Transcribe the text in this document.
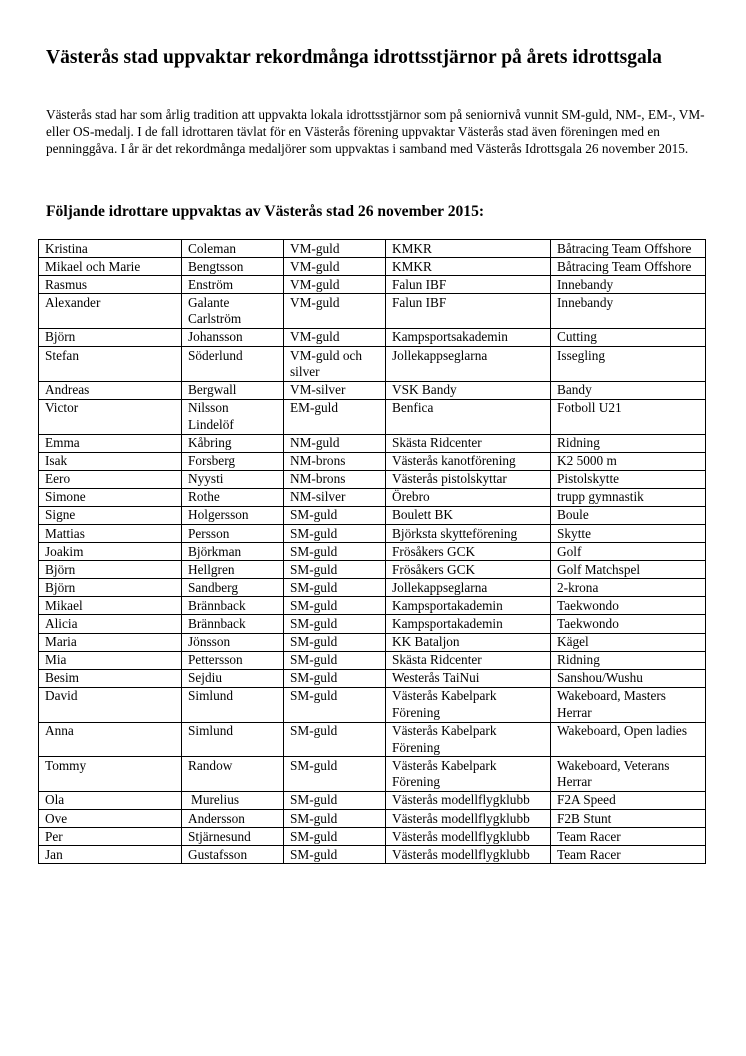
Västerås stad uppvaktar rekordmånga idrottsstjärnor på årets idrottsgala

Västerås stad har som årlig tradition att uppvakta lokala idrottsstjärnor som på seniornivå vunnit SM-guld, NM-, EM-, VM- eller OS-medalj. I de fall idrottaren tävlat för en Västerås förening uppvaktar Västerås stad även föreningen med en penninggåva. I år är det rekordmånga medaljörer som uppvaktas i samband med Västerås Idrottsgala 26 november 2015.

Följande idrottare uppvaktas av Västerås stad 26 november 2015:
Kristina	Coleman	VM-guld	KMKR	Båtracing Team Offshore
Mikael och Marie	Bengtsson	VM-guld	KMKR	Båtracing Team Offshore
Rasmus	Enström	VM-guld	Falun IBF	Innebandy
Alexander	Galante Carlström	VM-guld	Falun IBF	Innebandy
Björn	Johansson	VM-guld	Kampsportsakademin	Cutting
Stefan	Söderlund	VM-guld och silver	Jollekappseglarna	Issegling
Andreas	Bergwall	VM-silver	VSK Bandy	Bandy
Victor	Nilsson Lindelöf	EM-guld	Benfica	Fotboll U21
Emma	Kåbring	NM-guld	Skästa Ridcenter	Ridning
Isak	Forsberg	NM-brons	Västerås kanotförening	K2 5000 m
Eero	Nyysti	NM-brons	Västerås pistolskyttar	Pistolskytte
Simone	Rothe	NM-silver	Örebro	trupp gymnastik
Signe	Holgersson	SM-guld	Boulett BK	Boule
Mattias	Persson	SM-guld	Björksta skytteförening	Skytte
Joakim	Björkman	SM-guld	Frösåkers GCK	Golf
Björn	Hellgren	SM-guld	Frösåkers GCK	Golf Matchspel
Björn	Sandberg	SM-guld	Jollekappseglarna	2-krona
Mikael	Brännback	SM-guld	Kampsportakademin	Taekwondo
Alicia	Brännback	SM-guld	Kampsportakademin	Taekwondo
Maria	Jönsson	SM-guld	KK Bataljon	Kägel
Mia	Pettersson	SM-guld	Skästa Ridcenter	Ridning
Besim	Sejdiu	SM-guld	Westerås TaiNui	Sanshou/Wushu
David	Simlund	SM-guld	Västerås Kabelpark Förening	Wakeboard, Masters Herrar
Anna	Simlund	SM-guld	Västerås Kabelpark Förening	Wakeboard, Open ladies
Tommy	Randow	SM-guld	Västerås Kabelpark Förening	Wakeboard, Veterans Herrar
Ola	Murelius	SM-guld	Västerås modellflygklubb	F2A Speed
Ove	Andersson	SM-guld	Västerås modellflygklubb	F2B Stunt
Per	Stjärnesund	SM-guld	Västerås modellflygklubb	Team Racer
Jan	Gustafsson	SM-guld	Västerås modellflygklubb	Team Racer
